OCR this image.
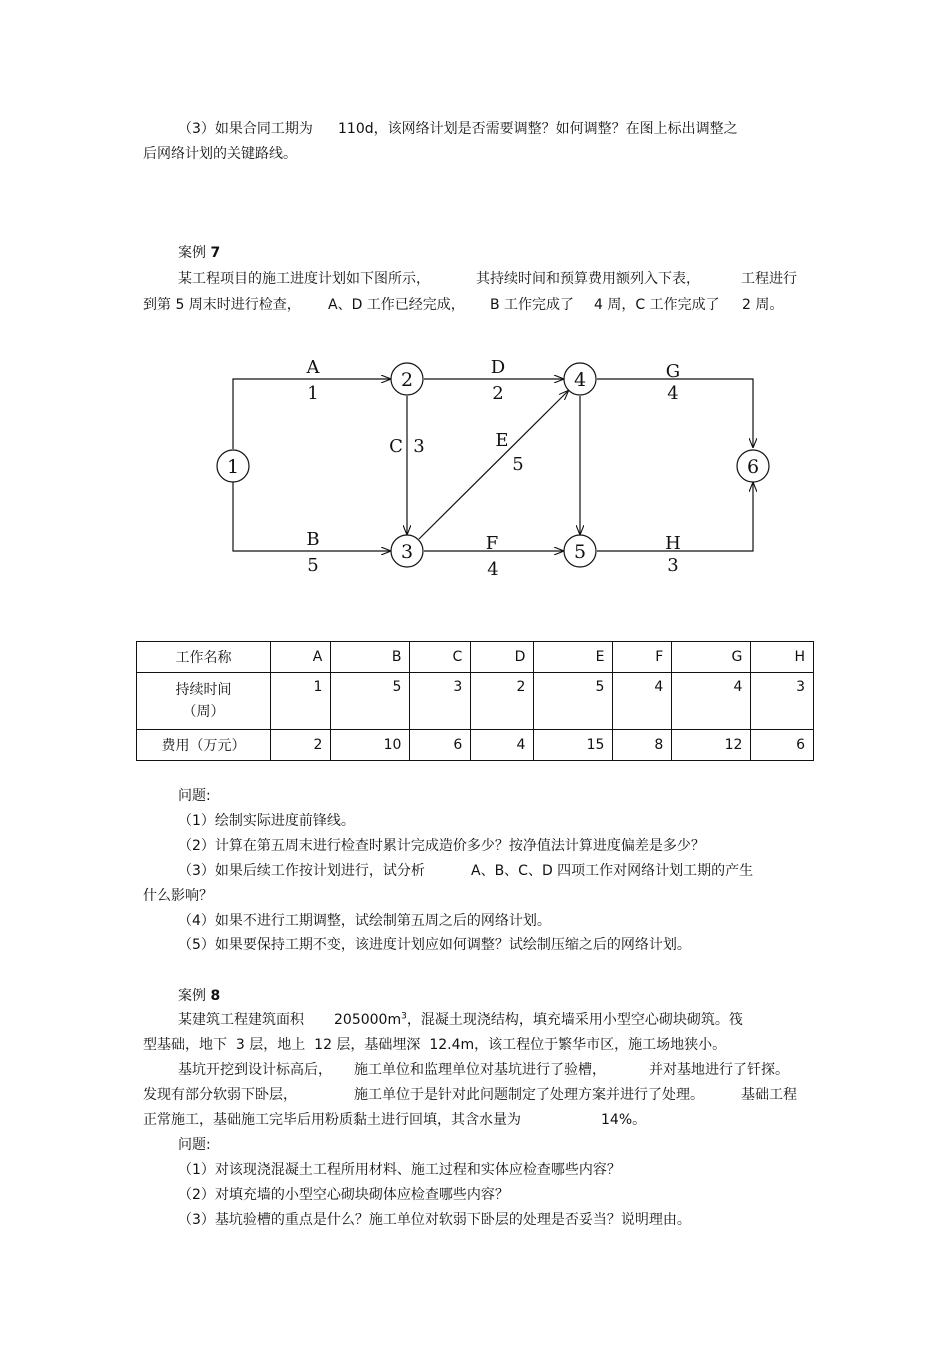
（3）如果合同工期为 110d，该网络计划是否需要调整？如何调整？在图上标出调整之
后网络计划的关键路线。
案例 7
某工程项目的施工进度计划如下图所示，	其持续时间和预算费用额列入下表，	工程进行
到第 5 周末时进行检查， A、D 工作已经完成， B 工作完成了 4 周，C 工作完成了 2 周。
1
2
3
4
5
6
A
1
B
5
C 3
D
2
E
5
F
4
G
4
H
3
工作名称	A	B	C	D	E	F	G	H
持续时间
（周）	1	5	3	2	5	4	4	3
费用（万元）	2	10	6	4	15	8	12	6
问题:
（1）绘制实际进度前锋线。
（2）计算在第五周末进行检查时累计完成造价多少？按净值法计算进度偏差是多少？
（3）如果后续工作按计划进行，试分析	A、B、C、D 四项工作对网络计划工期的产生
什么影响？
（4）如果不进行工期调整，试绘制第五周之后的网络计划。
（5）如果要保持工期不变，该进度计划应如何调整？试绘制压缩之后的网络计划。
案例 8
某建筑工程建筑面积 $205000m^3$，混凝土现浇结构，填充墙采用小型空心砌块砌筑。筏
型基础，地下  3 层，地上  12 层，基础埋深  12.4m，该工程位于繁华市区，施工场地狭小。
基坑开挖到设计标高后， 施工单位和监理单位对基坑进行了验槽，	并对基地进行了钎探。
发现有部分软弱下卧层，	施工单位于是针对此问题制定了处理方案并进行了处理。	基础工程
正常施工，基础施工完毕后用粉质黏土进行回填，其含水量为	14%。
问题:
（1）对该现浇混凝土工程所用材料、施工过程和实体应检查哪些内容？
（2）对填充墙的小型空心砌块砌体应检查哪些内容？
（3）基坑验槽的重点是什么？施工单位对软弱下卧层的处理是否妥当？说明理由。
